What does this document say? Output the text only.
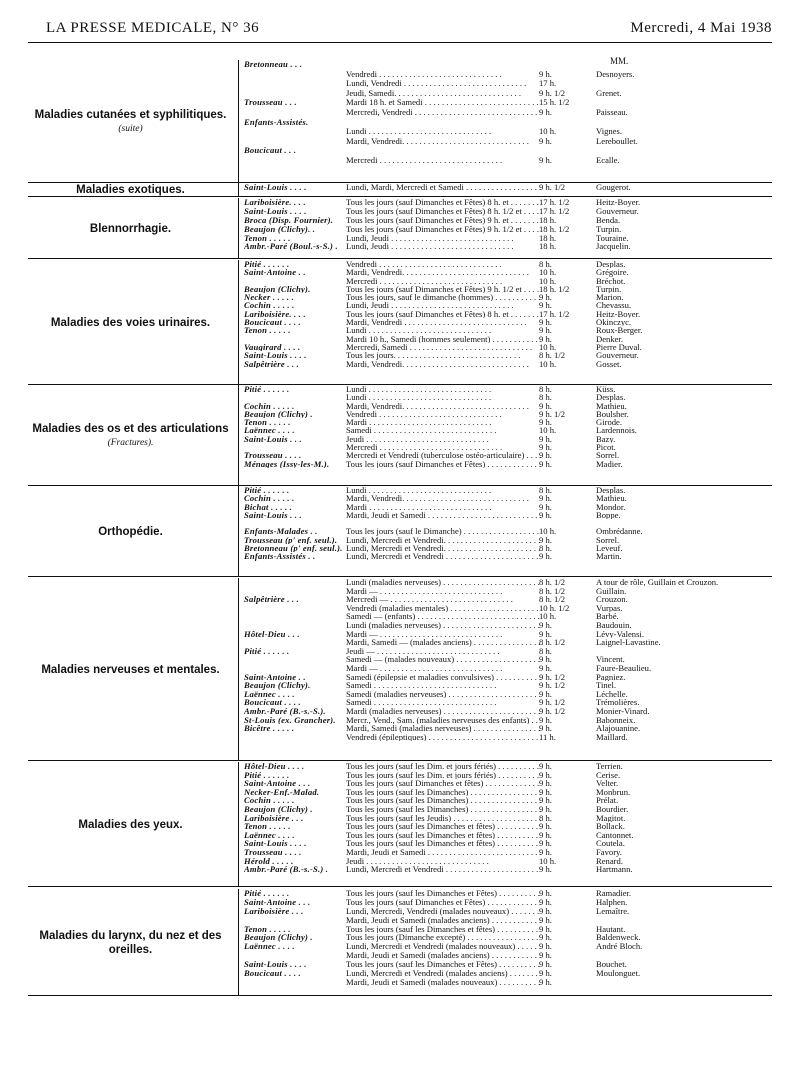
LA PRESSE MEDICALE, N° 36	Mercredi, 4 Mai 1938
MM.
Maladies cutanées et syphilitiques.
(suite)
Bretonneau . . .
Vendredi . . .	9 h.	Desnoyers.
Lundi, Vendredi . . .	17 h.
Jeudi, Samedi. . . .	9 h. 1/2	Grenet.
Trousseau . . .	Mardi 18 h. et Samedi . . .	15 h. 1/2
Mercredi, Vendredi . . .	9 h.	Paisseau.
Enfants-Assistés.
Lundi . . .	10 h.	Vignes.
Mardi, Vendredi. . . .	9 h.	Lereboullet.
Boucicaut . . .
Mercredi . . .	9 h.	Ecalle.
Maladies exotiques.	Saint-Louis . . . .	Lundi, Mardi, Mercredi et Samedi . . .	9 h. 1/2	Gougerot.
Blennorrhagie.
Lariboisière. . . .	Tous les jours (sauf Dimanches et Fêtes) 8 h. et . . .	17 h. 1/2	Heitz-Boyer.
Saint-Louis . . . .	Tous les jours (sauf Dimanches et Fêtes) 8 h. 1/2 et . . .	17 h. 1/2	Gouverneur.
Broca (Disp. Fournier).	Tous les jours (sauf Dimanches et Fêtes) 9 h. et . . .	18 h.	Benda.
Beaujon (Clichy). .	Tous les jours (sauf Dimanches et Fêtes) 9 h. 1/2 et . . .	18 h. 1/2	Turpin.
Tenon . . . . .	Lundi, Jeudi . . .	18 h.	Touraine.
Ambr.-Paré (Boul.-s-S.) . Lundi, Jeudi . . .	18 h.	Jacquelin.
Maladies des voies urinaires.
Pitié . . . . . .	Vendredi . . .	8 h.	Desplas.
Saint-Antoine . .	Mardi, Vendredi. . . .	10 h.	Grégoire.
Mercredi . . .	10 h.	Bréchot.
Beaujon (Clichy).	Tous les jours (sauf Dimanches et Fêtes) 9 h. 1/2 et . . .	18 h. 1/2	Turpin.
Necker . . . . .	Tous les jours, sauf le dimanche (hommes) . . .	9 h.	Marion.
Cochin . . . . .	Lundi, Jeudi . . .	9 h.	Chevassu.
Lariboisière. . . .	Tous les jours (sauf Dimanches et Fêtes) 8 h. et . . .	17 h. 1/2	Heitz-Boyer.
Boucicaut . . . .	Mardi, Vendredi . . .	9 h.	Okinczyc.
Tenon . . . . .	Lundi . . .	9 h.	Roux-Berger.
Mardi 10 h., Samedi (hommes seulement) . . .	9 h.	Denker.
Vaugirard . . . .	Mercredi, Samedi . . .	10 h.	Pierre Duval.
Saint-Louis . . . .	Tous les jours. . . .	8 h. 1/2	Gouverneur.
Salpêtrière . . .	Mardi, Vendredi. . . .	10 h.	Gosset.
Maladies des os et des articulations
(Fractures).
Pitié . . . . . .	Lundi . . .	8 h.	Küss.
Lundi . . .	8 h.	Desplas.
Cochin . . . . .	Mardi, Vendredi. . . .	9 h.	Mathieu.
Beaujon (Clichy) .	Vendredi . . .	9 h. 1/2	Boulsher.
Tenon . . . . .	Mardi . . .	9 h.	Girode.
Laënnec . . . .	Samedi . . .	10 h.	Lardennois.
Saint-Louis . . .	Jeudi . . .	9 h.	Bazy.
Mercredi . . .	9 h.	Picot.
Trousseau . . . .	Mercredi et Vendredi (tuberculose ostéo-articulaire) . . .	9 h.	Sorrel.
Ménages (Issy-les-M.).	Tous les jours (sauf Dimanches et Fêtes) . . .	9 h.	Madier.
Orthopédie.
Pitié . . . . . .	Lundi . . .	8 h.	Desplas.
Cochin . . . . .	Mardi, Vendredi. . . .	9 h.	Mathieu.
Bichat . . . . .	Mardi . . .	9 h.	Mondor.
Saint-Louis . . .	Mardi, Jeudi et Samedi . . .	9 h.	Boppe.
Enfants-Malades . .	Tous les jours (sauf le Dimanche) . . .	10 h.	Ombrédanne.
Trousseau (p' enf. seul.).	Lundi, Mercredi et Vendredi. . . .	9 h.	Sorrel.
Bretonneau (p' enf. seul.). Lundi, Mercredi et Vendredi. . . .	8 h.	Leveuf.
Enfants-Assistés . .	Lundi, Mercredi et Vendredi . . .	9 h.	Martin.
Maladies nerveuses et mentales.
Lundi (maladies nerveuses) . . .	8 h. 1/2	A tour de rôle, Guillain et Crouzon.
Mardi — . . .	8 h. 1/2	Guillain.
Salpêtrière . . .	Mercredi — . . .	8 h. 1/2	Crouzon.
Vendredi (maladies mentales) . . .	10 h. 1/2	Vurpas.
Samedi — (enfants) . . .	10 h.	Barbé.
Lundi (maladies nerveuses) . . .	9 h.	Baudouin.
Hôtel-Dieu . . .	Mardi — . . .	9 h.	Lévy-Valensi.
Mardi, Samedi — (malades anciens) . . .	8 h. 1/2	Laignel-Lavastine.
Pitié . . . . . .	Jeudi — . . .	8 h.
Samedi — (malades nouveaux) . . .	9 h.	Vincent.
Mardi — . . .	9 h.	Faure-Beaulieu.
Saint-Antoine . .	Samedi (épilepsie et maladies convulsives) . . .	9 h. 1/2	Pagniez.
Beaujon (Clichy).	Samedi . . .	9 h. 1/2	Tinel.
Laënnec . . . .	Samedi (maladies nerveuses) . . .	9 h.	Léchelle.
Boucicaut . . . .	Samedi . . .	9 h. 1/2	Trémolières.
Ambr.-Paré (B.-s.-S.).	Mardi (maladies nerveuses) . . .	9 h. 1/2	Monier-Vinard.
St-Louis (ex. Grancher).	Mercr., Vend., Sam. (maladies nerveuses des enfants) . . .	9 h.	Babonneix.
Bicêtre . . . . .	Mardi, Samedi (maladies nerveuses) . . .	9 h.	Alajouanine.
Vendredi (épileptiques) . . .	11 h.	Maillard.
Maladies des yeux.
Hôtel-Dieu . . . .	Tous les jours (sauf les Dim. et jours fériés) . . .	9 h.	Terrien.
Pitié . . . . . .	Tous les jours (sauf les Dim. et jours fériés) . . .	9 h.	Cerise.
Saint-Antoine . . .	Tous les jours (sauf Dimanches et fêtes) . . .	9 h.	Velter.
Necker-Enf.-Malad.	Tous les jours (sauf les Dimanches) . . .	9 h.	Monbrun.
Cochin . . . . .	Tous les jours (sauf les Dimanches) . . .	9 h.	Prélat.
Beaujon (Clichy) .	Tous les jours (sauf les Dimanches) . . .	9 h.	Bourdier.
Lariboisière . . .	Tous les jours (sauf les Jeudis) . . .	8 h.	Magitot.
Tenon . . . . .	Tous les jours (sauf les Dimanches et fêtes) . . .	9 h.	Bollack.
Laënnec . . . .	Tous les jours (sauf les Dimanches et fêtes) . . .	9 h.	Cantonnet.
Saint-Louis . . . .	Tous les jours (sauf les Dimanches et fêtes) . . .	9 h.	Coutela.
Trousseau . . . .	Mardi, Jeudi et Samedi . . .	9 h.	Favory.
Hérold . . . . .	Jeudi . . .	10 h.	Renard.
Ambr.-Paré (B.-s.-S.) .	Lundi, Mercredi et Vendredi . . .	9 h.	Hartmann.
Maladies du larynx, du nez et des oreilles.
Pitié . . . . . .	Tous les jours (sauf les Dimanches et Fêtes) . . .	9 h.	Ramadier.
Saint-Antoine . . .	Tous les jours (sauf Dimanches et Fêtes) . . .	9 h.	Halphen.
Lariboisière . . .	Lundi, Mercredi, Vendredi (malades nouveaux) . . .	9 h.	Lemaître.
Mardi, Jeudi et Samedi (malades anciens) . . .	9 h.
Tenon . . . . .	Tous les jours (sauf les Dimanches et fêtes) . . .	9 h.	Hautant.
Beaujon (Clichy) .	Tous les jours (Dimanche excepté) . . .	9 h.	Baldenweck.
Laënnec . . . .	Lundi, Mercredi et Vendredi (malades nouveaux) . . .	9 h.	André Bloch.
Mardi, Jeudi et Samedi (malades anciens) . . .	9 h.
Saint-Louis . . . .	Tous les jours (sauf les Dimanches et Fêtes) . . .	9 h.	Bouchet.
Boucicaut . . . .	Lundi, Mercredi et Vendredi (malades anciens) . . .	9 h.	Moulonguet.
Mardi, Jeudi et Samedi (malades nouveaux) . . .	9 h.
